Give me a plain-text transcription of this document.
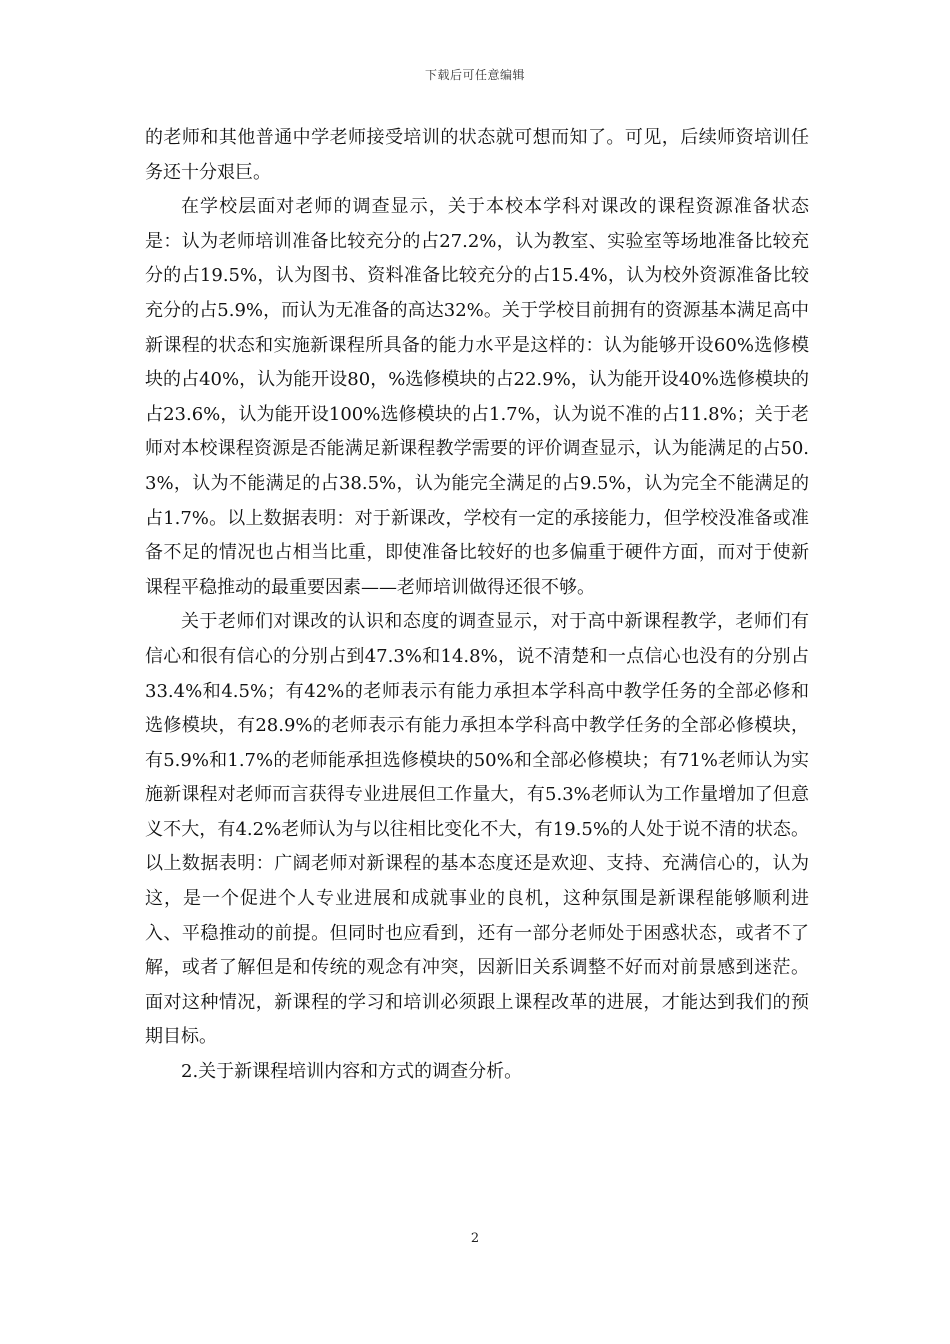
下载后可任意编辑

的老师和其他普通中学老师接受培训的状态就可想而知了。可见，后续师资培训任务还十分艰巨。

在学校层面对老师的调查显示，关于本校本学科对课改的课程资源准备状态是：认为老师培训准备比较充分的占27.2%，认为教室、实验室等场地准备比较充分的占19.5%，认为图书、资料准备比较充分的占15.4%，认为校外资源准备比较充分的占5.9%，而认为无准备的高达32%。关于学校目前拥有的资源基本满足高中新课程的状态和实施新课程所具备的能力水平是这样的：认为能够开设60%选修模块的占40%，认为能开设80，%选修模块的占22.9%，认为能开设40%选修模块的占23.6%，认为能开设100%选修模块的占1.7%，认为说不准的占11.8%；关于老师对本校课程资源是否能满足新课程教学需要的评价调查显示，认为能满足的占50.3%，认为不能满足的占38.5%，认为能完全满足的占9.5%，认为完全不能满足的占1.7%。以上数据表明：对于新课改，学校有一定的承接能力，但学校没准备或准备不足的情况也占相当比重，即使准备比较好的也多偏重于硬件方面，而对于使新课程平稳推动的最重要因素——老师培训做得还很不够。

关于老师们对课改的认识和态度的调查显示，对于高中新课程教学，老师们有信心和很有信心的分别占到47.3%和14.8%，说不清楚和一点信心也没有的分别占33.4%和4.5%；有42%的老师表示有能力承担本学科高中教学任务的全部必修和选修模块，有28.9%的老师表示有能力承担本学科高中教学任务的全部必修模块，有5.9%和1.7%的老师能承担选修模块的50%和全部必修模块；有71%老师认为实施新课程对老师而言获得专业进展但工作量大，有5.3%老师认为工作量增加了但意义不大，有4.2%老师认为与以往相比变化不大，有19.5%的人处于说不清的状态。以上数据表明：广阔老师对新课程的基本态度还是欢迎、支持、充满信心的，认为这，是一个促进个人专业进展和成就事业的良机，这种氛围是新课程能够顺利进入、平稳推动的前提。但同时也应看到，还有一部分老师处于困惑状态，或者不了解，或者了解但是和传统的观念有冲突，因新旧关系调整不好而对前景感到迷茫。面对这种情况，新课程的学习和培训必须跟上课程改革的进展，才能达到我们的预期目标。

2.关于新课程培训内容和方式的调查分析。

2
